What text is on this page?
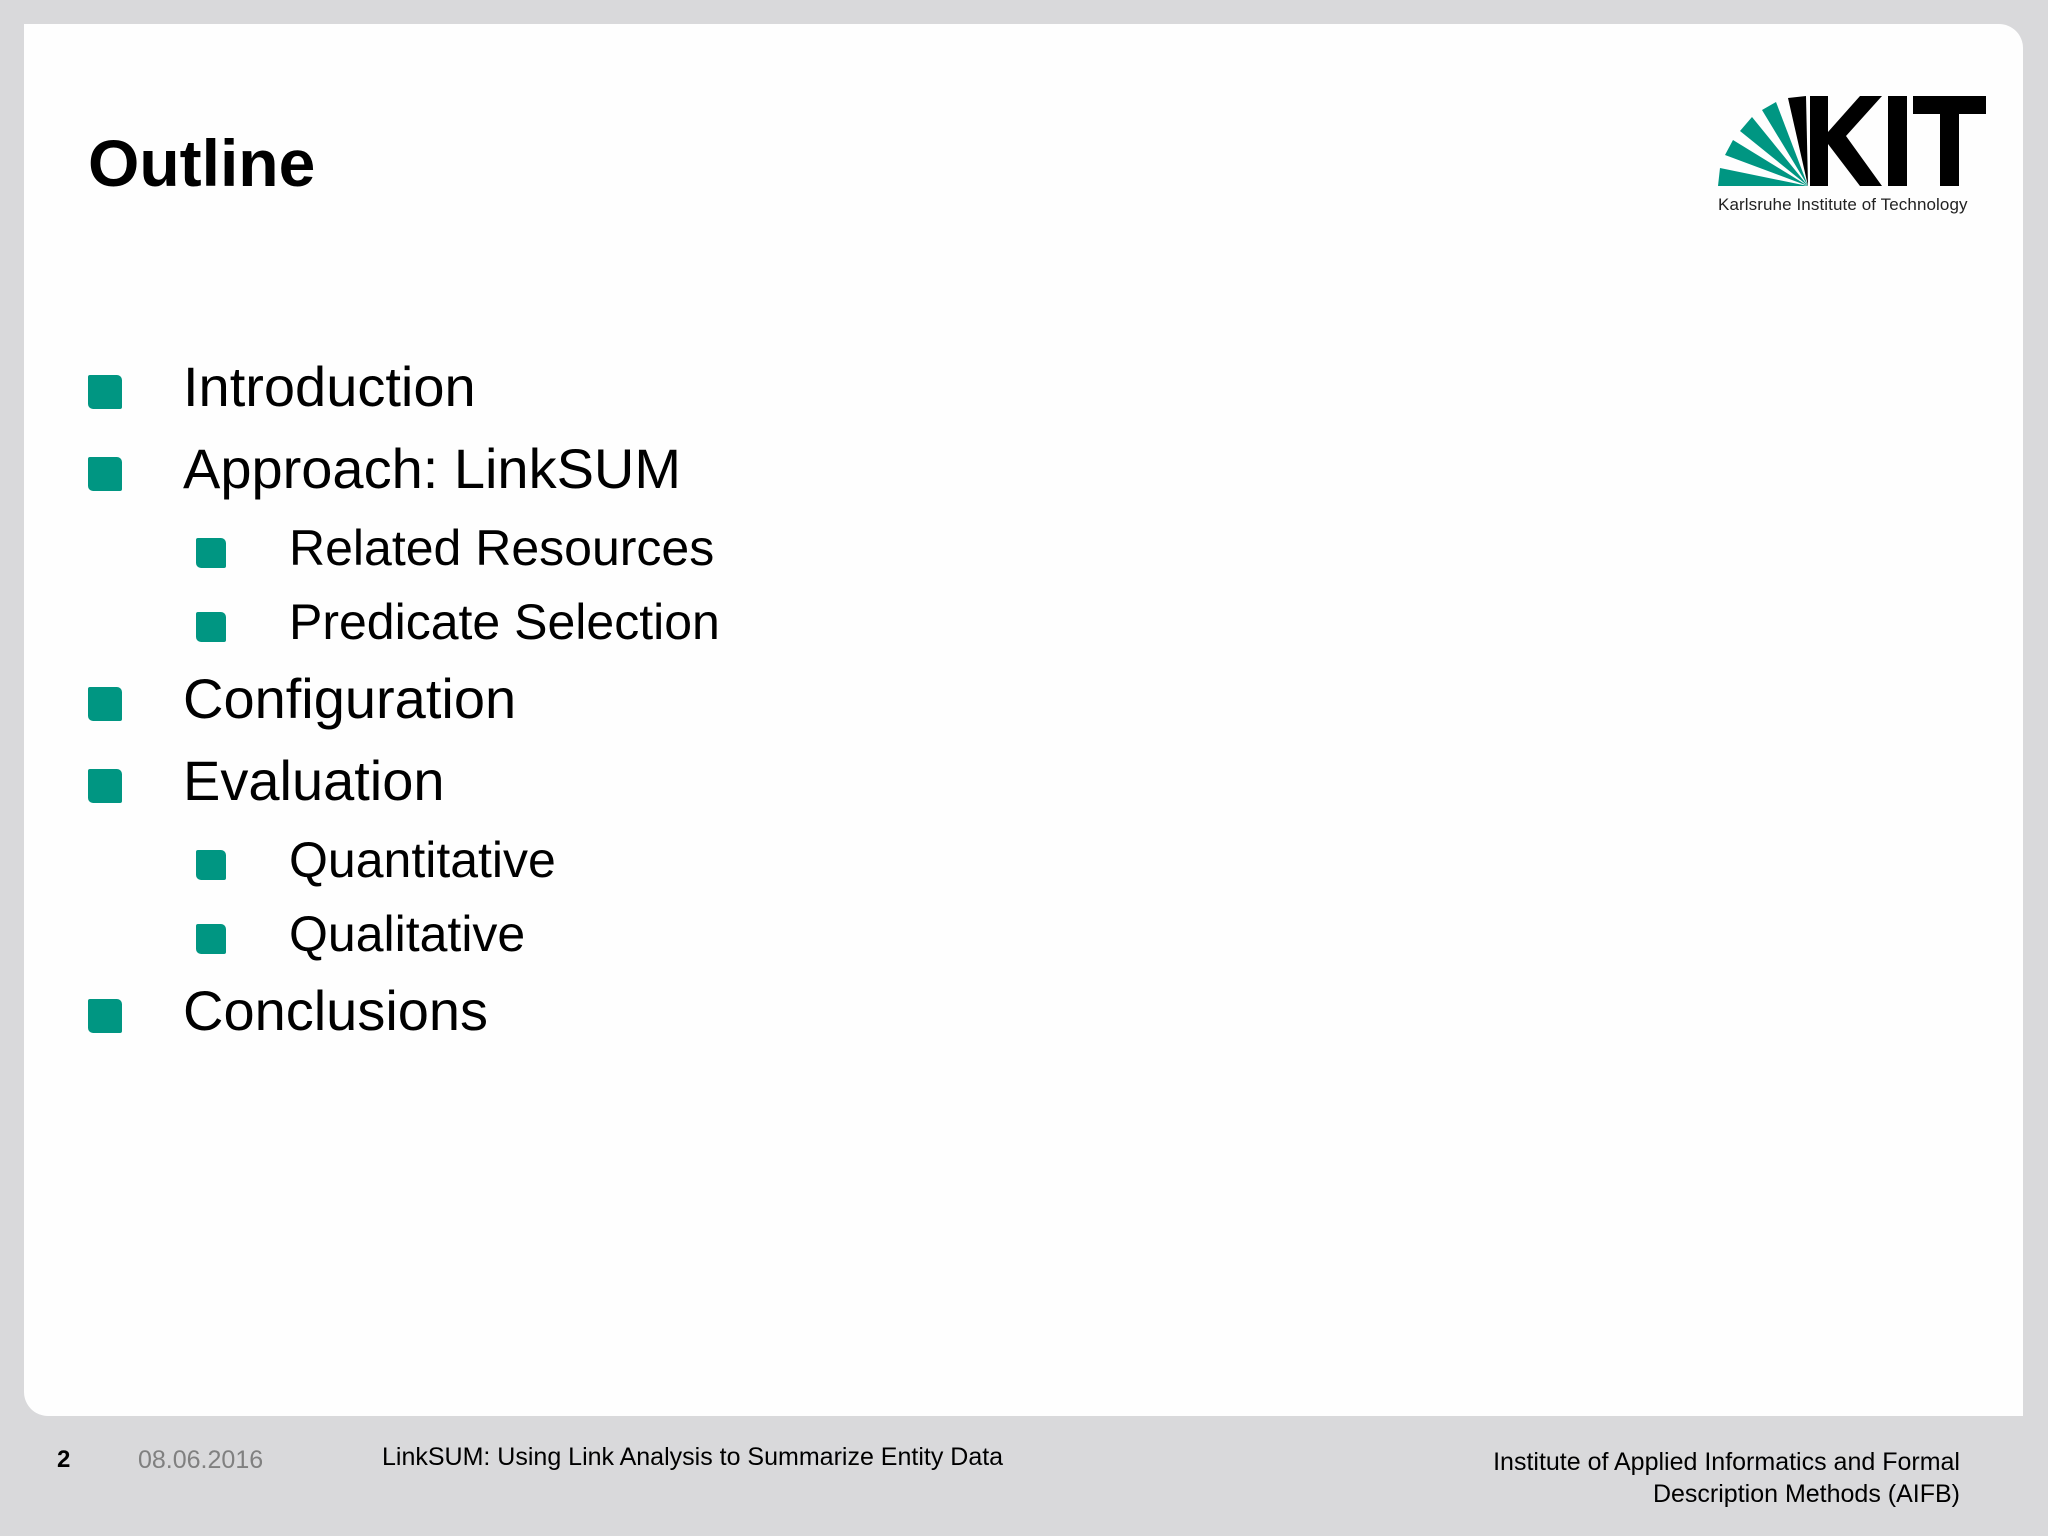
Outline
Karlsruhe Institute of Technology
Introduction
Approach: LinkSUM
Related Resources
Predicate Selection
Configuration
Evaluation
Quantitative
Qualitative
Conclusions
2	08.06.2016	LinkSUM: Using Link Analysis to Summarize Entity Data	Institute of Applied Informatics and Formal
Description Methods (AIFB)
